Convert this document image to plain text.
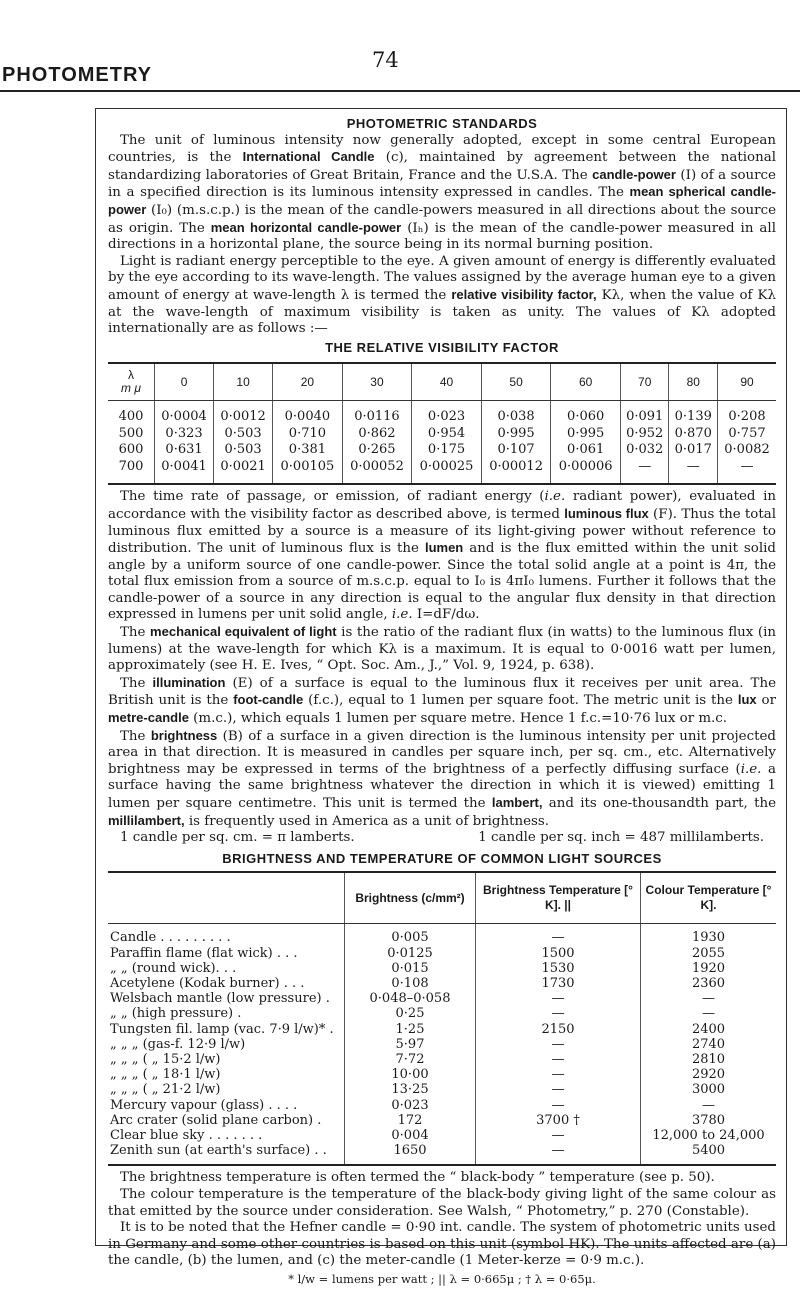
PHOTOMETRY
74
PHOTOMETRIC STANDARDS

The unit of luminous intensity now generally adopted, except in some central European countries, is the International Candle (c), maintained by agreement between the national standardizing laboratories of Great Britain, France and the U.S.A. The candle-power (I) of a source in a specified direction is its luminous intensity expressed in candles. The mean spherical candle-power (I₀) (m.s.c.p.) is the mean of the candle-powers measured in all directions about the source as origin. The mean horizontal candle-power (Iₕ) is the mean of the candle-power measured in all directions in a horizontal plane, the source being in its normal burning position.

Light is radiant energy perceptible to the eye. A given amount of energy is differently evaluated by the eye according to its wave-length. The values assigned by the average human eye to a given amount of energy at wave-length λ is termed the relative visibility factor, Kλ, when the value of Kλ at the wave-length of maximum visibility is taken as unity. The values of Kλ adopted internationally are as follows :—

THE RELATIVE VISIBILITY FACTOR
λ
m μ	0	10	20	30	40	50	60	70	80	90
400	0·0004	0·0012	0·0040	0·0116	0·023	0·038	0·060	0·091	0·139	0·208
500	0·323	0·503	0·710	0·862	0·954	0·995	0·995	0·952	0·870	0·757
600	0·631	0·503	0·381	0·265	0·175	0·107	0·061	0·032	0·017	0·0082
700	0·0041	0·0021	0·00105	0·00052	0·00025	0·00012	0·00006	—	—	—

The time rate of passage, or emission, of radiant energy (i.e. radiant power), evaluated in accordance with the visibility factor as described above, is termed luminous flux (F). Thus the total luminous flux emitted by a source is a measure of its light-giving power without reference to distribution. The unit of luminous flux is the lumen and is the flux emitted within the unit solid angle by a uniform source of one candle-power. Since the total solid angle at a point is 4π, the total flux emission from a source of m.s.c.p. equal to I₀ is 4πI₀ lumens. Further it follows that the candle-power of a source in any direction is equal to the angular flux density in that direction expressed in lumens per unit solid angle, i.e. I=dF/dω.

The mechanical equivalent of light is the ratio of the radiant flux (in watts) to the luminous flux (in lumens) at the wave-length for which Kλ is a maximum. It is equal to 0·0016 watt per lumen, approximately (see H. E. Ives, “ Opt. Soc. Am., J.,” Vol. 9, 1924, p. 638).

The illumination (E) of a surface is equal to the luminous flux it receives per unit area. The British unit is the foot-candle (f.c.), equal to 1 lumen per square foot. The metric unit is the lux or metre-candle (m.c.), which equals 1 lumen per square metre. Hence 1 f.c.=10·76 lux or m.c.

The brightness (B) of a surface in a given direction is the luminous intensity per unit projected area in that direction. It is measured in candles per square inch, per sq. cm., etc. Alternatively brightness may be expressed in terms of the brightness of a perfectly diffusing surface (i.e. a surface having the same brightness whatever the direction in which it is viewed) emitting 1 lumen per square centimetre. This unit is termed the lambert, and its one-thousandth part, the millilambert, is frequently used in America as a unit of brightness.

1 candle per sq. cm. = π lamberts.	1 candle per sq. inch = 487 millilamberts.
BRIGHTNESS AND TEMPERATURE OF COMMON LIGHT SOURCES
	Brightness (c/mm²)	Brightness Temperature [° K]. ||	Colour Temperature [° K].
Candle . . . . . . . . .	0·005	—	1930
Paraffin flame (flat wick) . . .	0·0125	1500	2055
„ „ (round wick). . .	0·015	1530	1920
Acetylene (Kodak burner) . . .	0·108	1730	2360
Welsbach mantle (low pressure) .	0·048–0·058	—	—
„ „ (high pressure) .	0·25	—	—
Tungsten fil. lamp (vac. 7·9 l/w)* .	1·25	2150	2400
„ „ „ (gas-f. 12·9 l/w)	5·97	—	2740
„ „ „ ( „ 15·2 l/w)	7·72	—	2810
„ „ „ ( „ 18·1 l/w)	10·00	—	2920
„ „ „ ( „ 21·2 l/w)	13·25	—	3000
Mercury vapour (glass) . . . .	0·023	—	—
Arc crater (solid plane carbon) .	172	3700 †	3780
Clear blue sky . . . . . . .	0·004	—	12,000 to 24,000
Zenith sun (at earth's surface) . .	1650	—	5400

The brightness temperature is often termed the “ black-body ” temperature (see p. 50).

The colour temperature is the temperature of the black-body giving light of the same colour as that emitted by the source under consideration. See Walsh, “ Photometry,” p. 270 (Constable).

It is to be noted that the Hefner candle = 0·90 int. candle. The system of photometric units used in Germany and some other countries is based on this unit (symbol HK). The units affected are (a) the candle, (b) the lumen, and (c) the meter-candle (1 Meter-kerze = 0·9 m.c.).

* l/w = lumens per watt ; || λ = 0·665μ ; † λ = 0·65μ.
